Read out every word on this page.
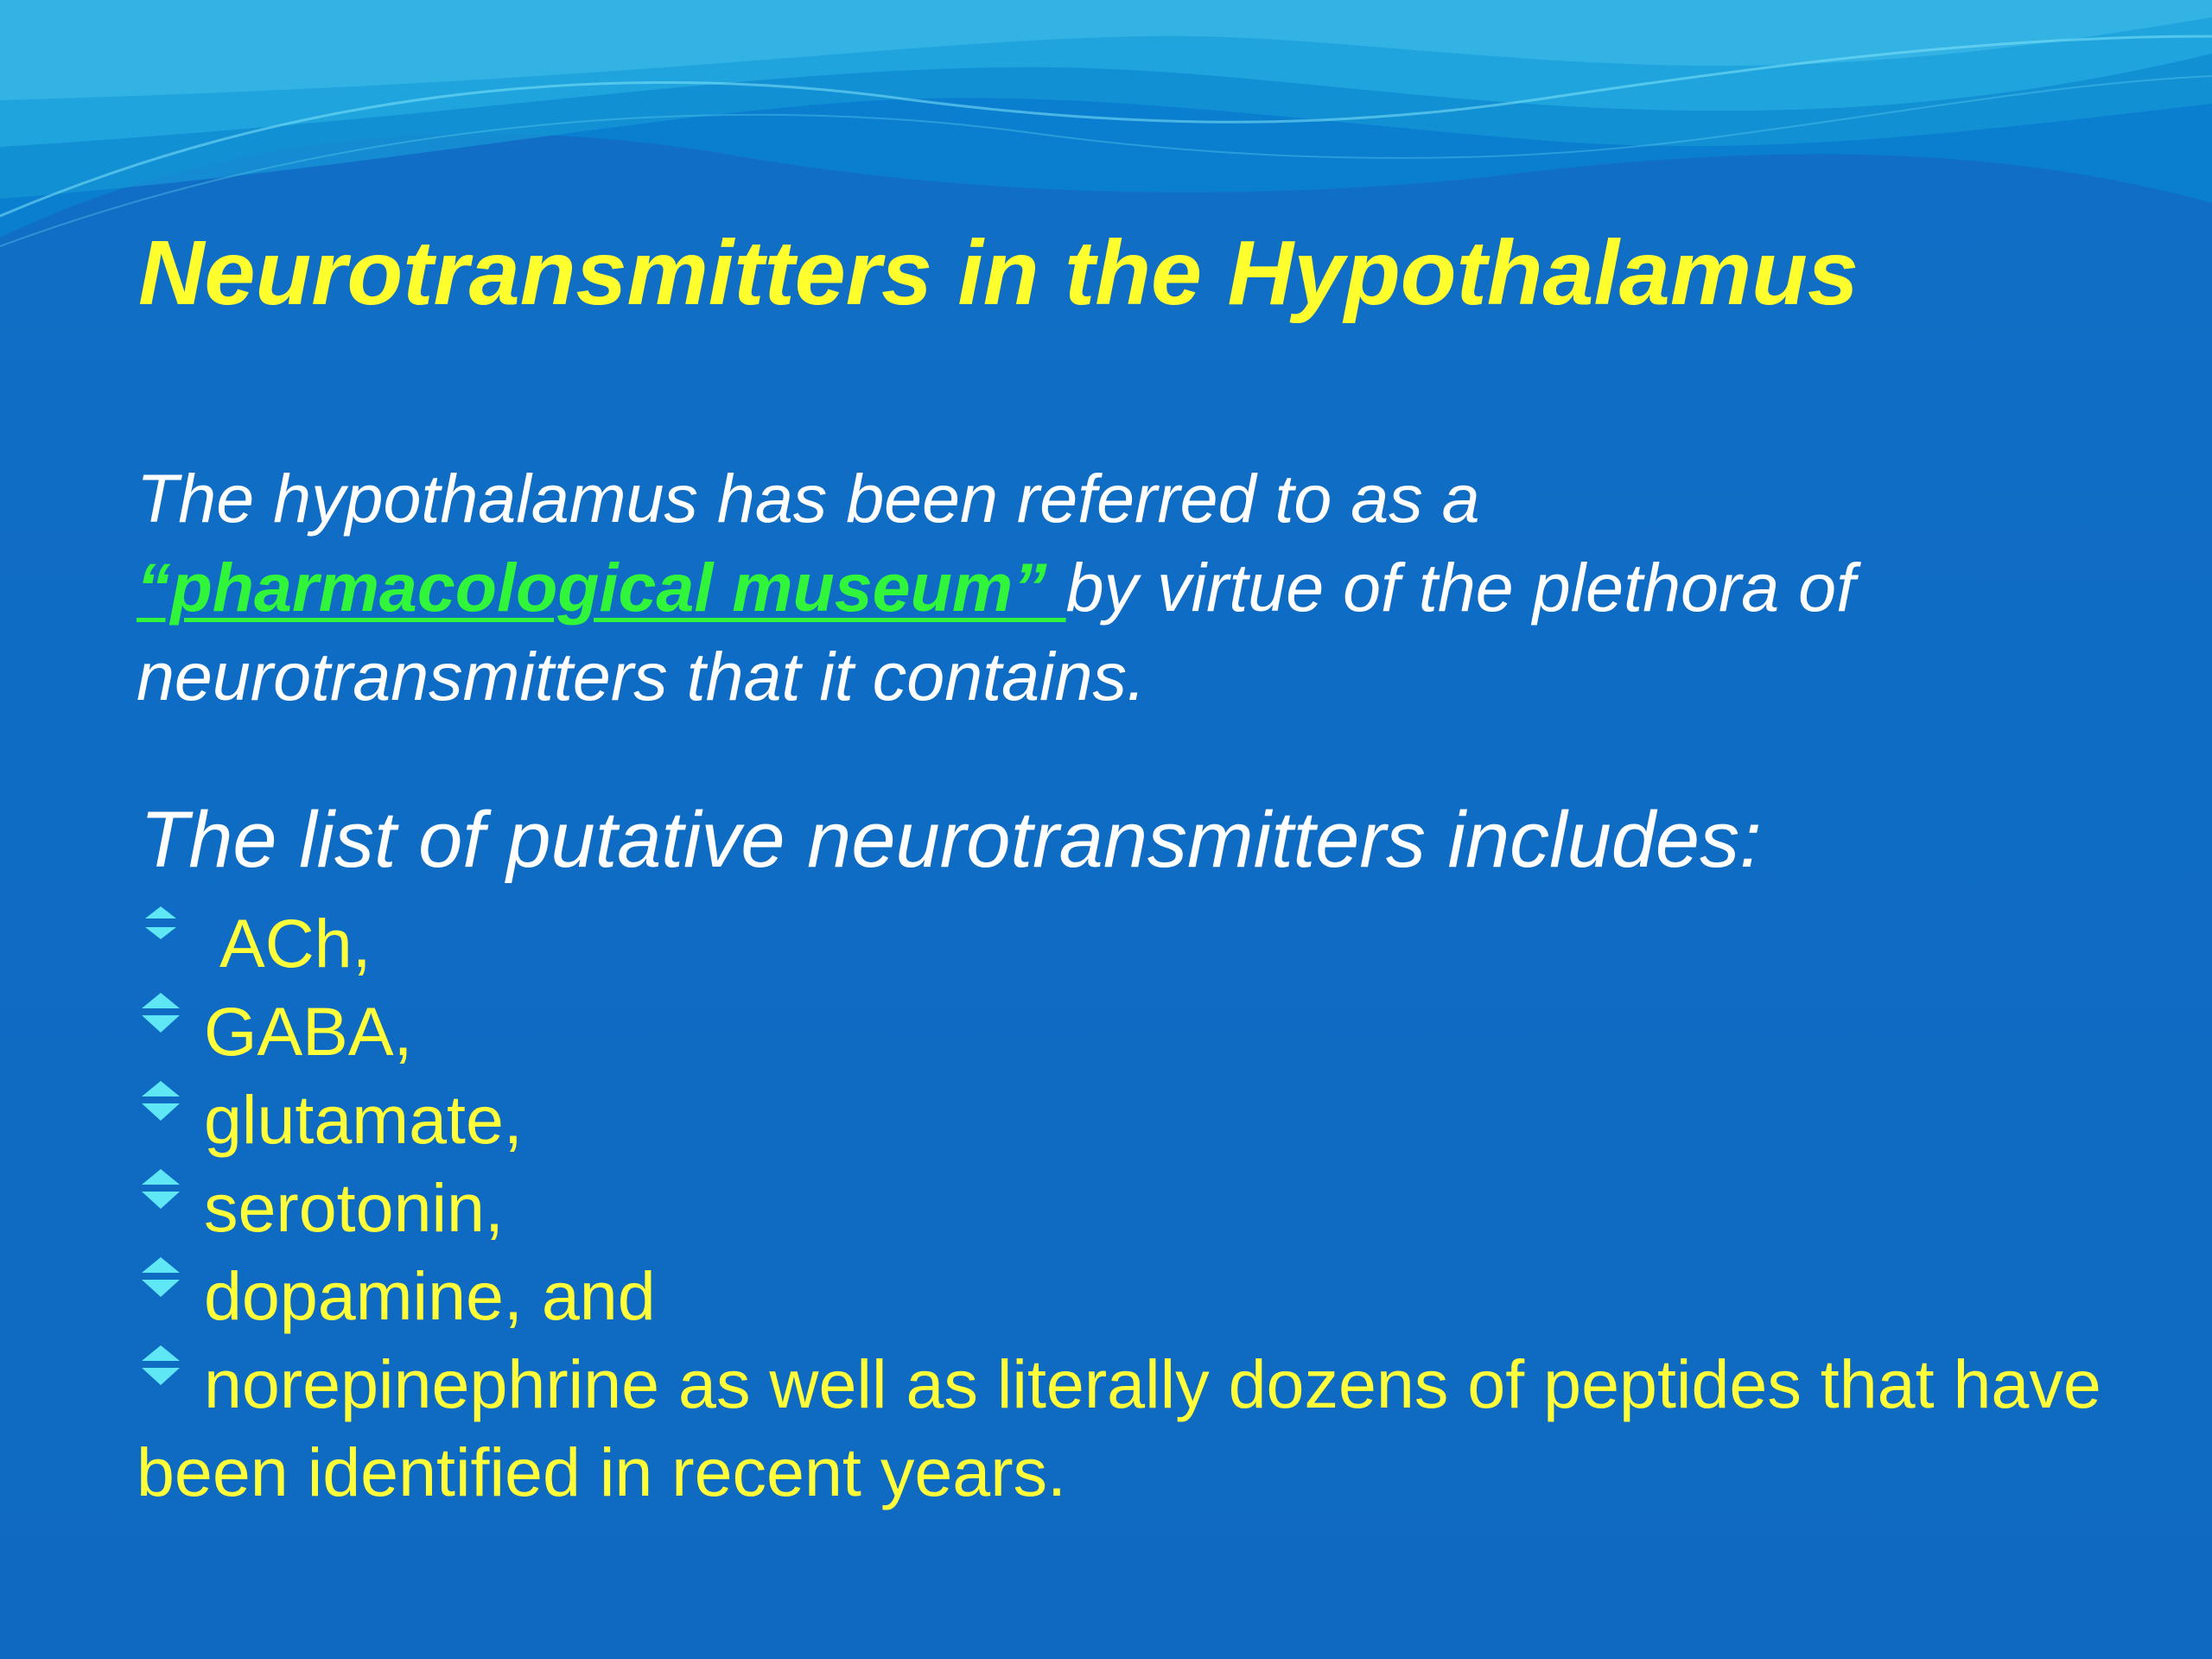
Neurotransmitters in the Hypothalamus

The hypothalamus has been referred to as a
“pharmacological museum” by virtue of the plethora of neurotransmitters that it contains.

The list of putative neurotransmitters includes:

ACh,
GABA,
glutamate,
serotonin,
dopamine, and
norepinephrine as well as literally dozens of peptides that have been identified in recent years.
